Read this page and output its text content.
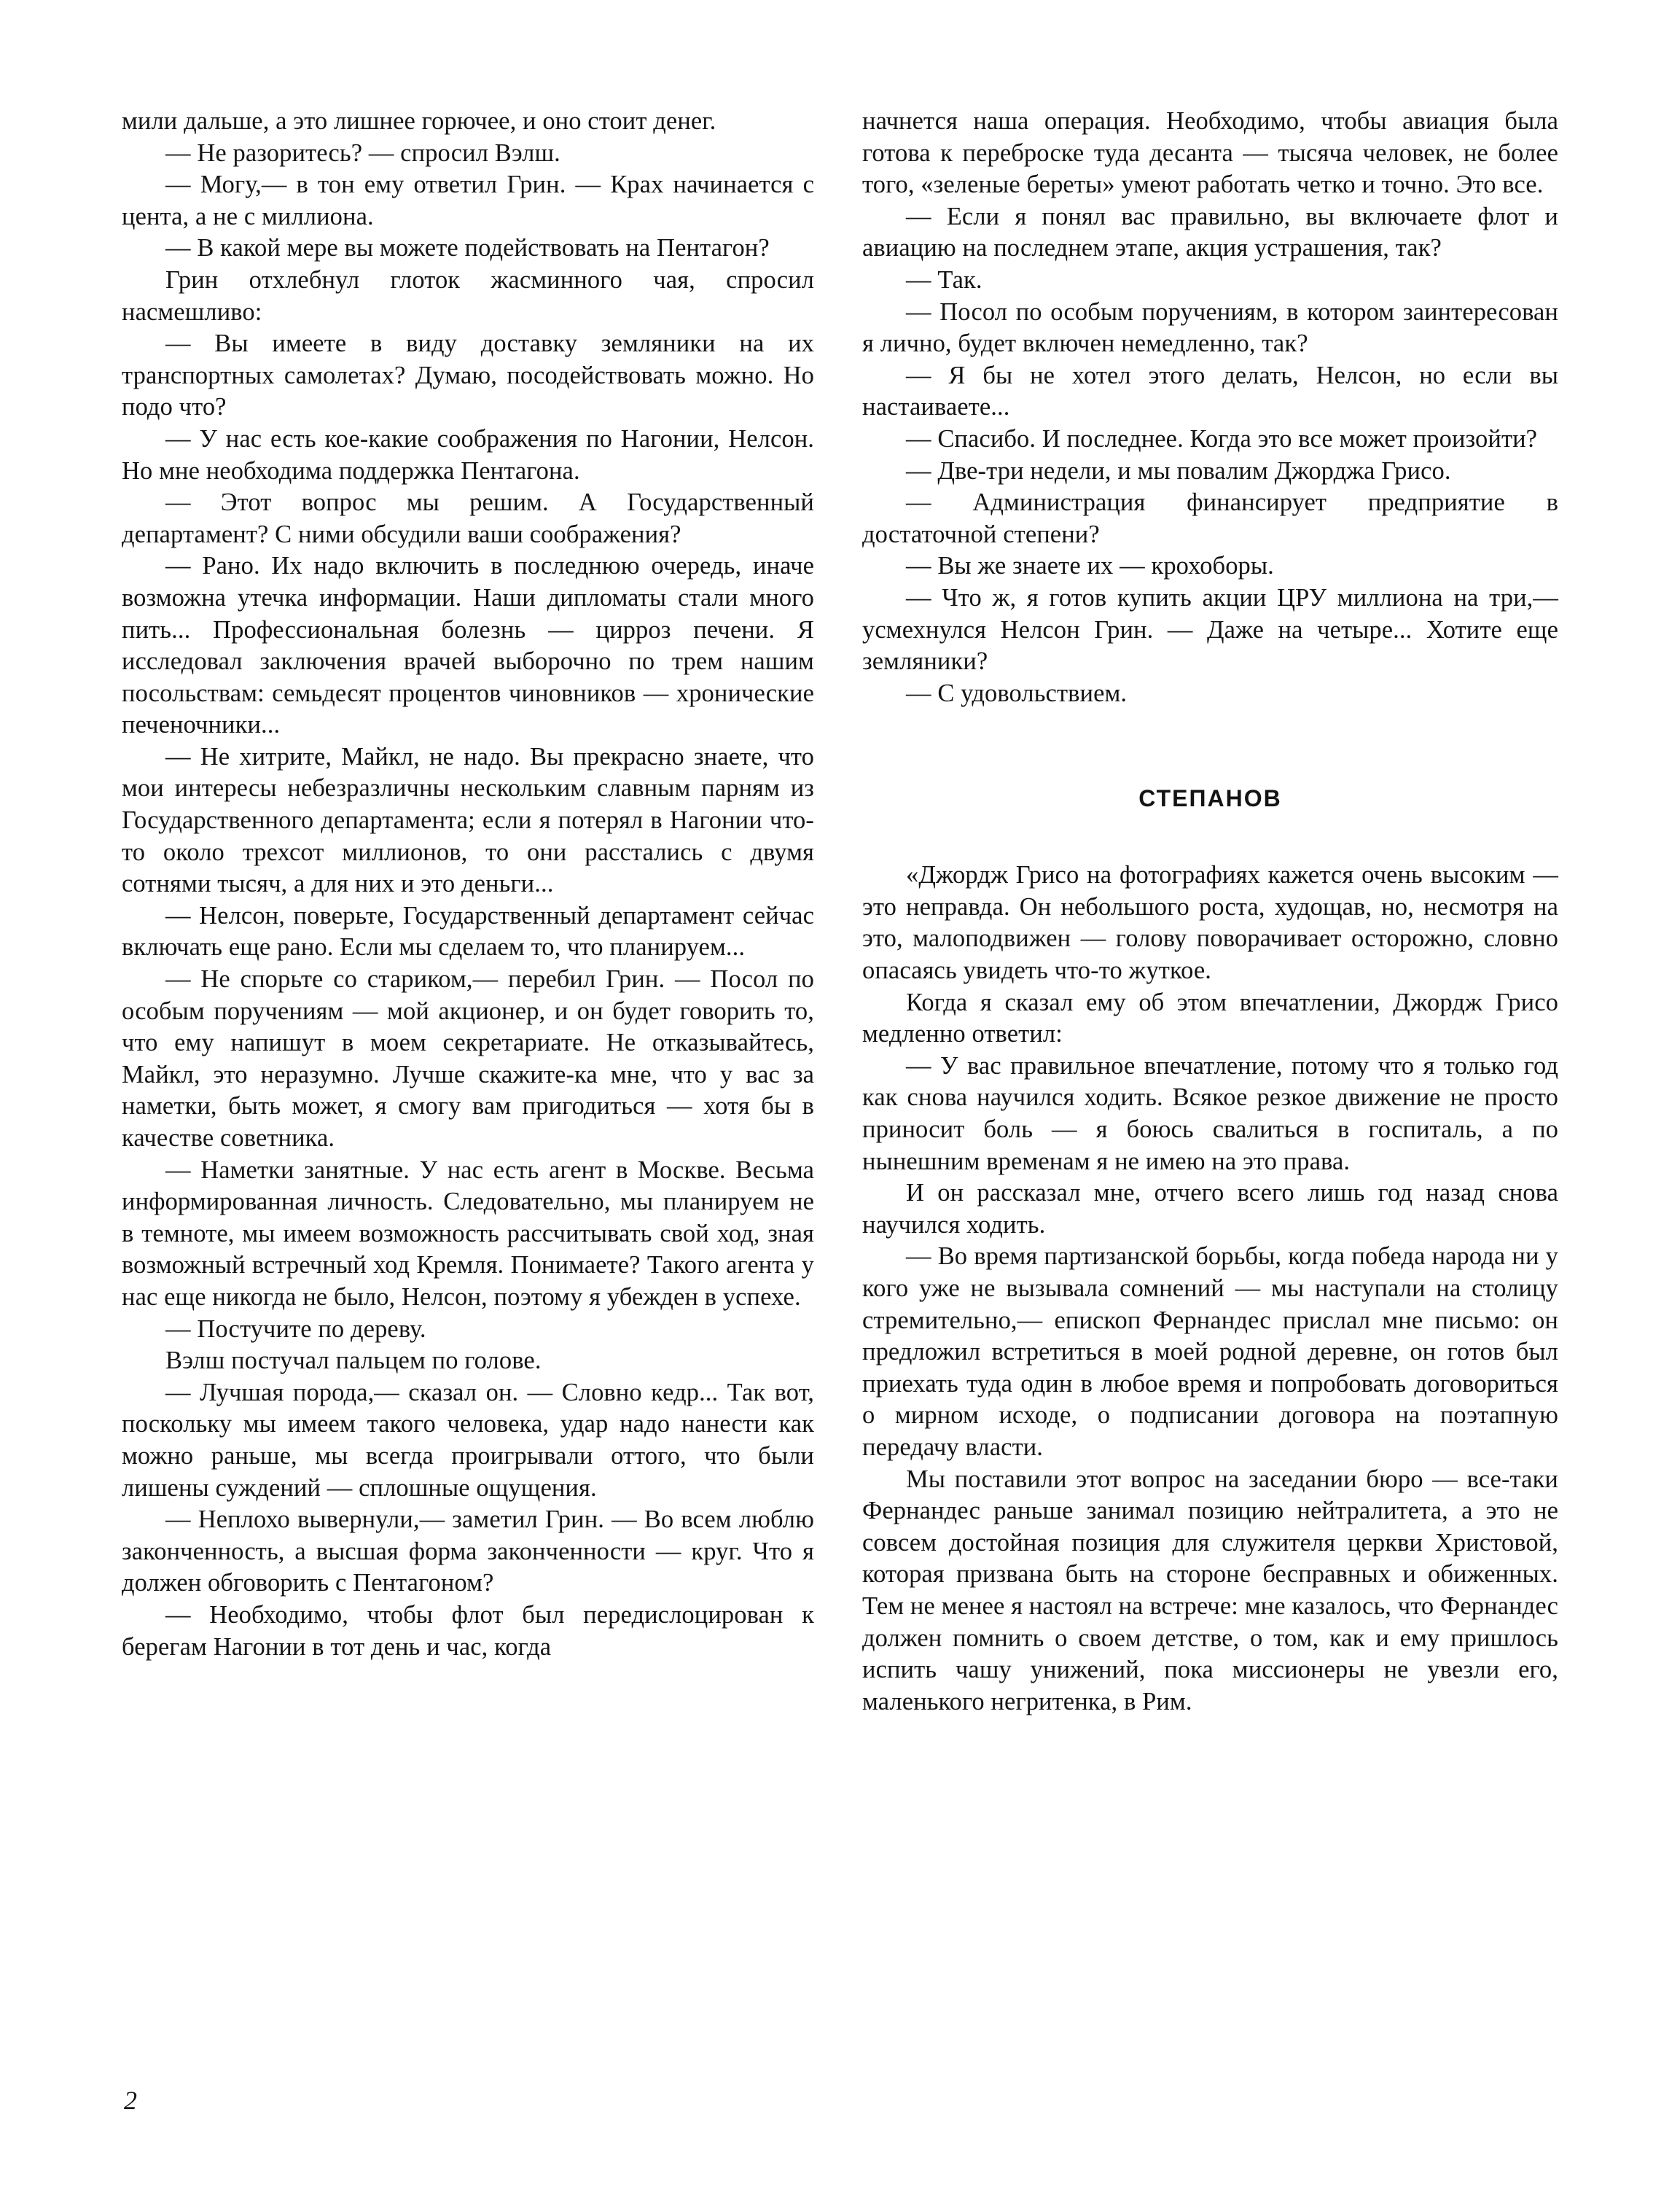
мили дальше, а это лишнее горючее, и оно стоит денег.

— Не разоритесь? — спросил Вэлш.

— Могу,— в тон ему ответил Грин. — Крах начинается с цента, а не с миллиона.

— В какой мере вы можете подействовать на Пентагон?

Грин отхлебнул глоток жасминного чая, спросил насмешливо:

— Вы имеете в виду доставку земляники на их транспортных самолетах? Думаю, посодействовать можно. Но подо что?

— У нас есть кое-какие соображения по Нагонии, Нелсон. Но мне необходима поддержка Пентагона.

— Этот вопрос мы решим. А Государственный департамент? С ними обсудили ваши соображения?

— Рано. Их надо включить в последнюю очередь, иначе возможна утечка информации. Наши дипломаты стали много пить... Профессиональная болезнь — цирроз печени. Я исследовал заключения врачей выборочно по трем нашим посольствам: семьдесят процентов чиновников — хронические печеночники...

— Не хитрите, Майкл, не надо. Вы прекрасно знаете, что мои интересы небезразличны нескольким славным парням из Государственного департамента; если я потерял в Нагонии что-то около трехсот миллионов, то они расстались с двумя сотнями тысяч, а для них и это деньги...

— Нелсон, поверьте, Государственный департамент сейчас включать еще рано. Если мы сделаем то, что планируем...

— Не спорьте со стариком,— перебил Грин. — Посол по особым поручениям — мой акционер, и он будет говорить то, что ему напишут в моем секретариате. Не отказывайтесь, Майкл, это неразумно. Лучше скажите-ка мне, что у вас за наметки, быть может, я смогу вам пригодиться — хотя бы в качестве советника.

— Наметки занятные. У нас есть агент в Москве. Весьма информированная личность. Следовательно, мы планируем не в темноте, мы имеем возможность рассчитывать свой ход, зная возможный встречный ход Кремля. Понимаете? Такого агента у нас еще никогда не было, Нелсон, поэтому я убежден в успехе.

— Постучите по дереву.

Вэлш постучал пальцем по голове.

— Лучшая порода,— сказал он. — Словно кедр... Так вот, поскольку мы имеем такого человека, удар надо нанести как можно раньше, мы всегда проигрывали оттого, что были лишены суждений — сплошные ощущения.

— Неплохо вывернули,— заметил Грин. — Во всем люблю законченность, а высшая форма законченности — круг. Что я должен обговорить с Пентагоном?

— Необходимо, чтобы флот был передислоцирован к берегам Нагонии в тот день и час, когда

начнется наша операция. Необходимо, чтобы авиация была готова к переброске туда десанта — тысяча человек, не более того, «зеленые береты» умеют работать четко и точно. Это все.

— Если я понял вас правильно, вы включаете флот и авиацию на последнем этапе, акция устрашения, так?

— Так.

— Посол по особым поручениям, в котором заинтересован я лично, будет включен немедленно, так?

— Я бы не хотел этого делать, Нелсон, но если вы настаиваете...

— Спасибо. И последнее. Когда это все может произойти?

— Две-три недели, и мы повалим Джорджа Грисо.

— Администрация финансирует предприятие в достаточной степени?

— Вы же знаете их — крохоборы.

— Что ж, я готов купить акции ЦРУ миллиона на три,— усмехнулся Нелсон Грин. — Даже на четыре... Хотите еще земляники?

— С удовольствием.

СТЕПАНОВ

«Джордж Грисо на фотографиях кажется очень высоким — это неправда. Он небольшого роста, худощав, но, несмотря на это, малоподвижен — голову поворачивает осторожно, словно опасаясь увидеть что-то жуткое.

Когда я сказал ему об этом впечатлении, Джордж Грисо медленно ответил:

— У вас правильное впечатление, потому что я только год как снова научился ходить. Всякое резкое движение не просто приносит боль — я боюсь свалиться в госпиталь, а по нынешним временам я не имею на это права.

И он рассказал мне, отчего всего лишь год назад снова научился ходить.

— Во время партизанской борьбы, когда победа народа ни у кого уже не вызывала сомнений — мы наступали на столицу стремительно,— епископ Фернандес прислал мне письмо: он предложил встретиться в моей родной деревне, он готов был приехать туда один в любое время и попробовать договориться о мирном исходе, о подписании договора на поэтапную передачу власти.

Мы поставили этот вопрос на заседании бюро — все-таки Фернандес раньше занимал позицию нейтралитета, а это не совсем достойная позиция для служителя церкви Христовой, которая призвана быть на стороне бесправных и обиженных. Тем не менее я настоял на встрече: мне казалось, что Фернандес должен помнить о своем детстве, о том, как и ему пришлось испить чашу унижений, пока миссионеры не увезли его, маленького негритенка, в Рим.

2
